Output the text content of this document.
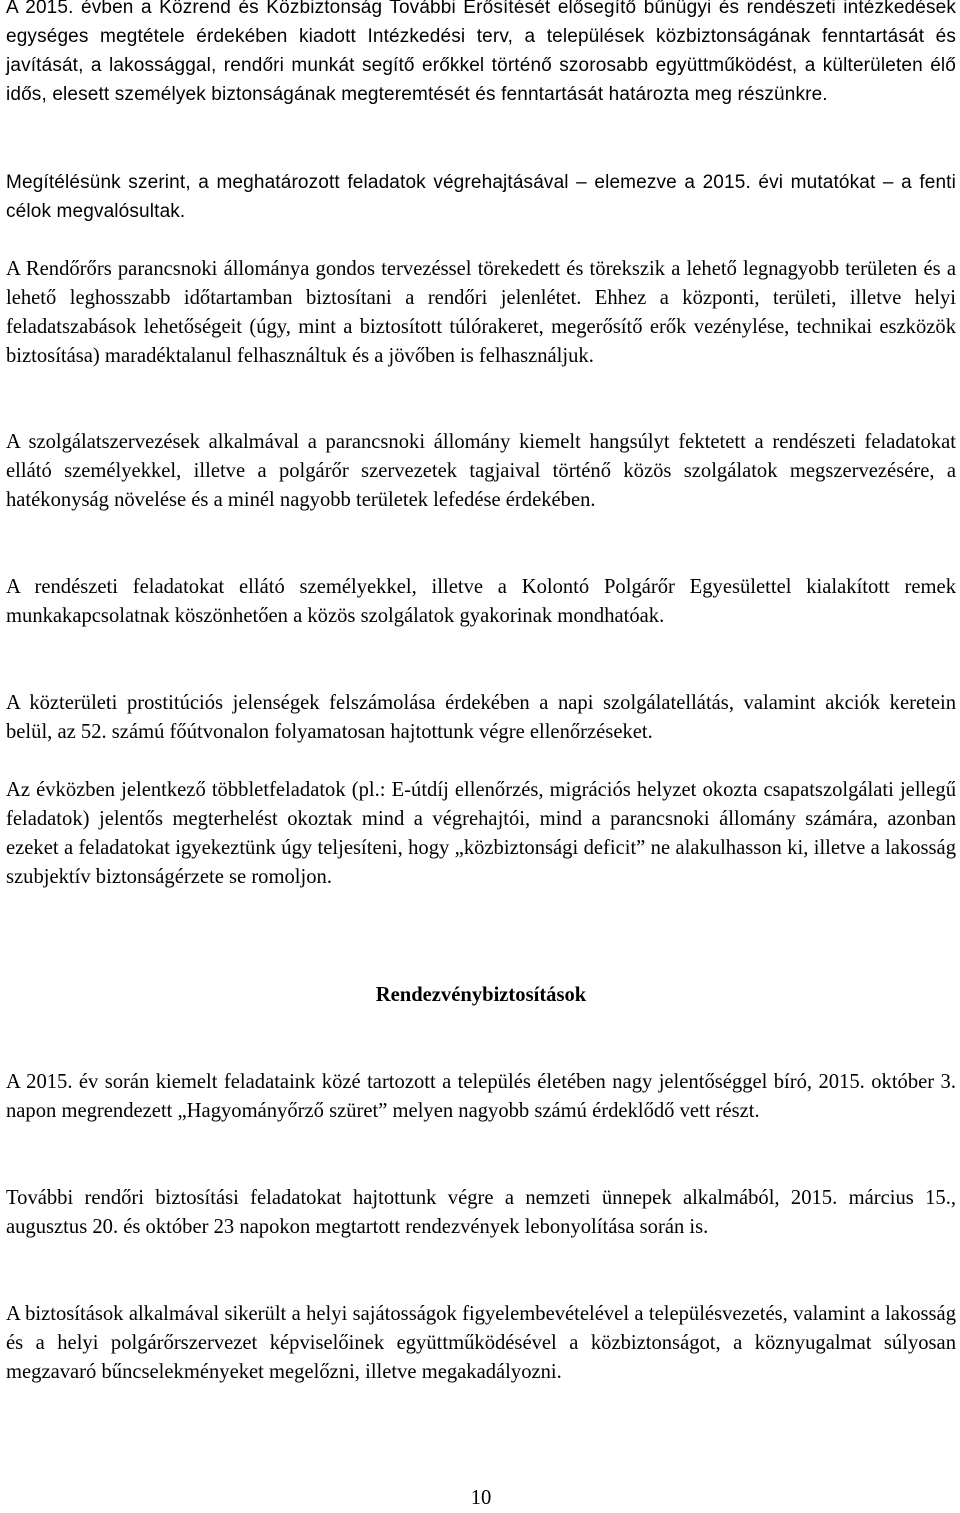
A 2015. évben a Közrend és Közbiztonság További Erősítését elősegítő bűnügyi és rendészeti intézkedések egységes megtétele érdekében kiadott Intézkedési terv, a települések közbiztonságának fenntartását és javítását, a lakossággal, rendőri munkát segítő erőkkel történő szorosabb együttműködést, a külterületen élő idős, elesett személyek biztonságának megteremtését és fenntartását határozta meg részünkre.

Megítélésünk szerint, a meghatározott feladatok végrehajtásával – elemezve a 2015. évi mutatókat – a fenti célok megvalósultak.

A Rendőrőrs parancsnoki állománya gondos tervezéssel törekedett és törekszik a lehető legnagyobb területen és a lehető leghosszabb időtartamban biztosítani a rendőri jelenlétet. Ehhez a központi, területi, illetve helyi feladatszabások lehetőségeit (úgy, mint a biztosított túlórakeret, megerősítő erők vezénylése, technikai eszközök biztosítása) maradéktalanul felhasználtuk és a jövőben is felhasználjuk.

A szolgálatszervezések alkalmával a parancsnoki állomány kiemelt hangsúlyt fektetett a rendészeti feladatokat ellátó személyekkel, illetve a polgárőr szervezetek tagjaival történő közös szolgálatok megszervezésére, a hatékonyság növelése és a minél nagyobb területek lefedése érdekében.

A rendészeti feladatokat ellátó személyekkel, illetve a Kolontó Polgárőr Egyesülettel kialakított remek munkakapcsolatnak köszönhetően a közös szolgálatok gyakorinak mondhatóak.

A közterületi prostitúciós jelenségek felszámolása érdekében a napi szolgálatellátás, valamint akciók keretein belül, az 52. számú főútvonalon folyamatosan hajtottunk végre ellenőrzéseket.

Az évközben jelentkező többletfeladatok (pl.: E-útdíj ellenőrzés, migrációs helyzet okozta csapatszolgálati jellegű feladatok) jelentős megterhelést okoztak mind a végrehajtói, mind a parancsnoki állomány számára, azonban ezeket a feladatokat igyekeztünk úgy teljesíteni, hogy „közbiztonsági deficit” ne alakulhasson ki, illetve a lakosság szubjektív biztonságérzete se romoljon.

Rendezvénybiztosítások

A 2015. év során kiemelt feladataink közé tartozott a település életében nagy jelentőséggel bíró, 2015. október 3. napon megrendezett „Hagyományőrző szüret” melyen nagyobb számú érdeklődő vett részt.

További rendőri biztosítási feladatokat hajtottunk végre a nemzeti ünnepek alkalmából, 2015. március 15., augusztus 20. és október 23 napokon megtartott rendezvények lebonyolítása során is.

A biztosítások alkalmával sikerült a helyi sajátosságok figyelembevételével a településvezetés, valamint a lakosság és a helyi polgárőrszervezet képviselőinek együttműködésével a közbiztonságot, a köznyugalmat súlyosan megzavaró bűncselekményeket megelőzni, illetve megakadályozni.

10
